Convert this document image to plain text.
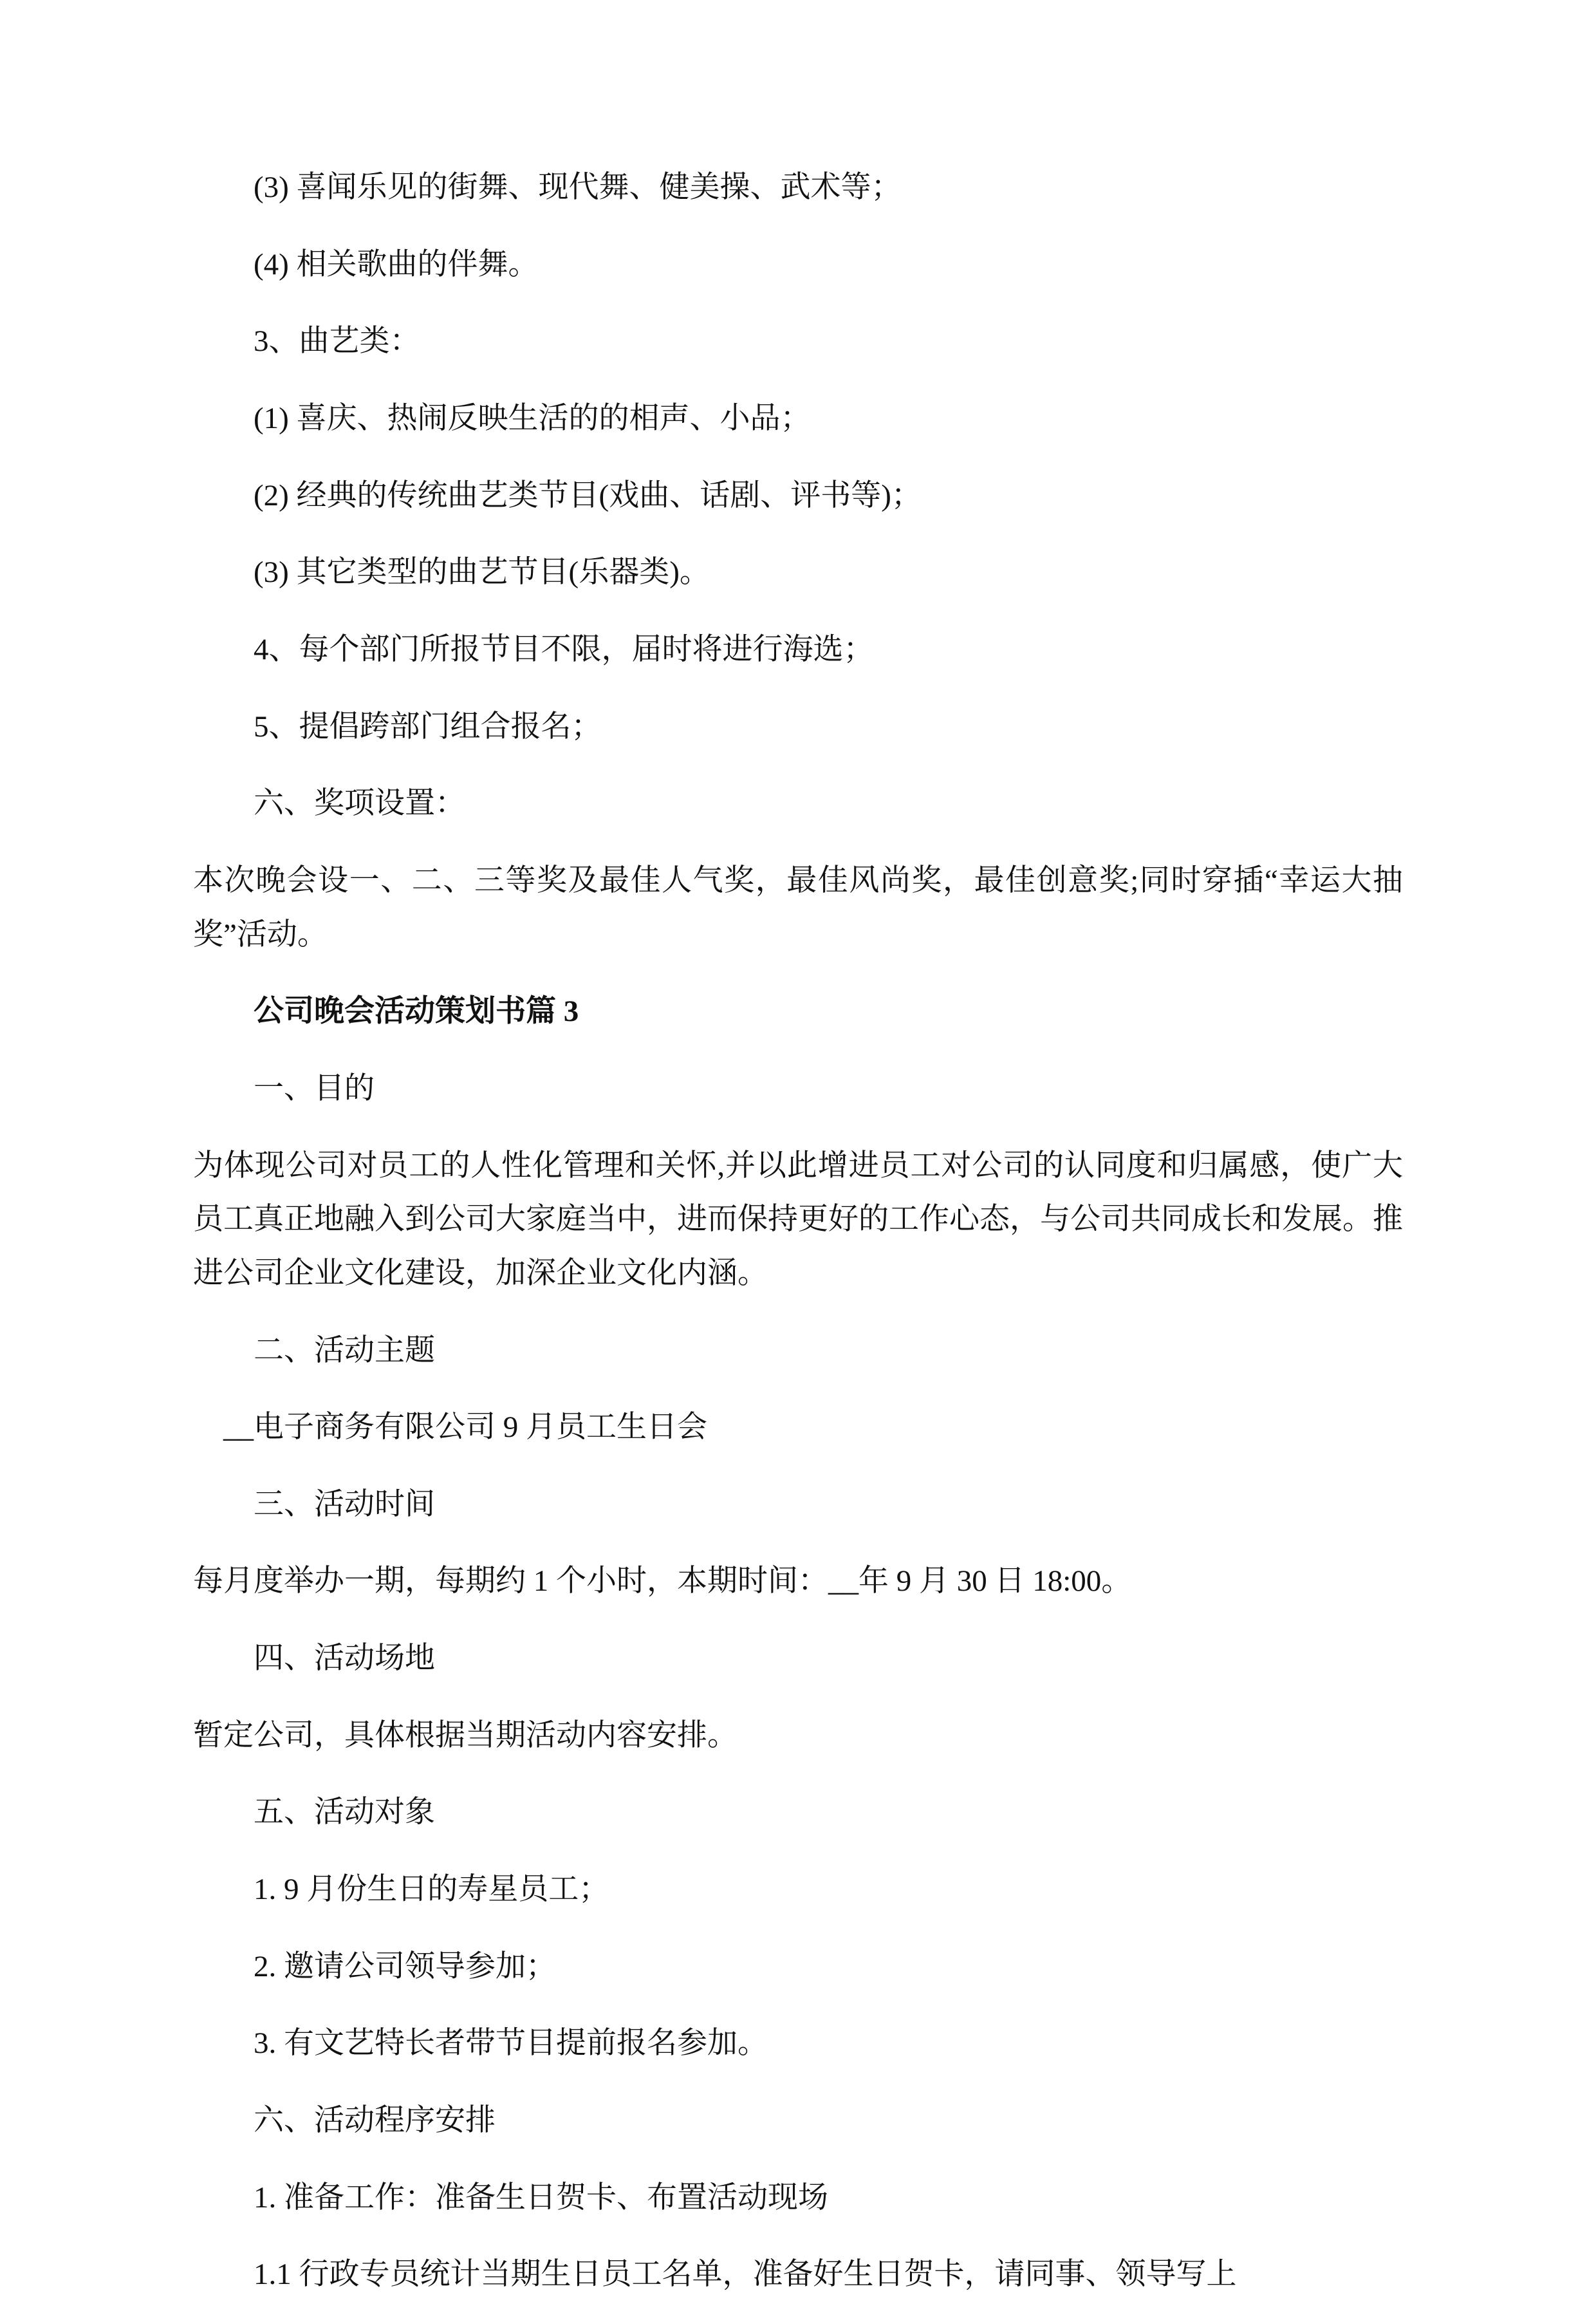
(3) 喜闻乐见的街舞、现代舞、健美操、武术等；

(4) 相关歌曲的伴舞。

3、曲艺类：

(1) 喜庆、热闹反映生活的的相声、小品；

(2) 经典的传统曲艺类节目(戏曲、话剧、评书等)；

(3) 其它类型的曲艺节目(乐器类)。

4、每个部门所报节目不限，届时将进行海选；

5、提倡跨部门组合报名；

六、奖项设置：

本次晚会设一、二、三等奖及最佳人气奖，最佳风尚奖，最佳创意奖;同时穿插“幸运大抽奖”活动。

公司晚会活动策划书篇 3

一、目的

为体现公司对员工的人性化管理和关怀,并以此增进员工对公司的认同度和归属感，使广大员工真正地融入到公司大家庭当中，进而保持更好的工作心态，与公司共同成长和发展。推进公司企业文化建设，加深企业文化内涵。

二、活动主题

__电子商务有限公司 9 月员工生日会

三、活动时间

每月度举办一期，每期约 1 个小时，本期时间：__年 9 月 30 日 18:00。

四、活动场地

暂定公司，具体根据当期活动内容安排。

五、活动对象

1. 9 月份生日的寿星员工；

2. 邀请公司领导参加；

3. 有文艺特长者带节目提前报名参加。

六、活动程序安排

1. 准备工作：准备生日贺卡、布置活动现场

1.1 行政专员统计当期生日员工名单，准备好生日贺卡，请同事、领导写上
